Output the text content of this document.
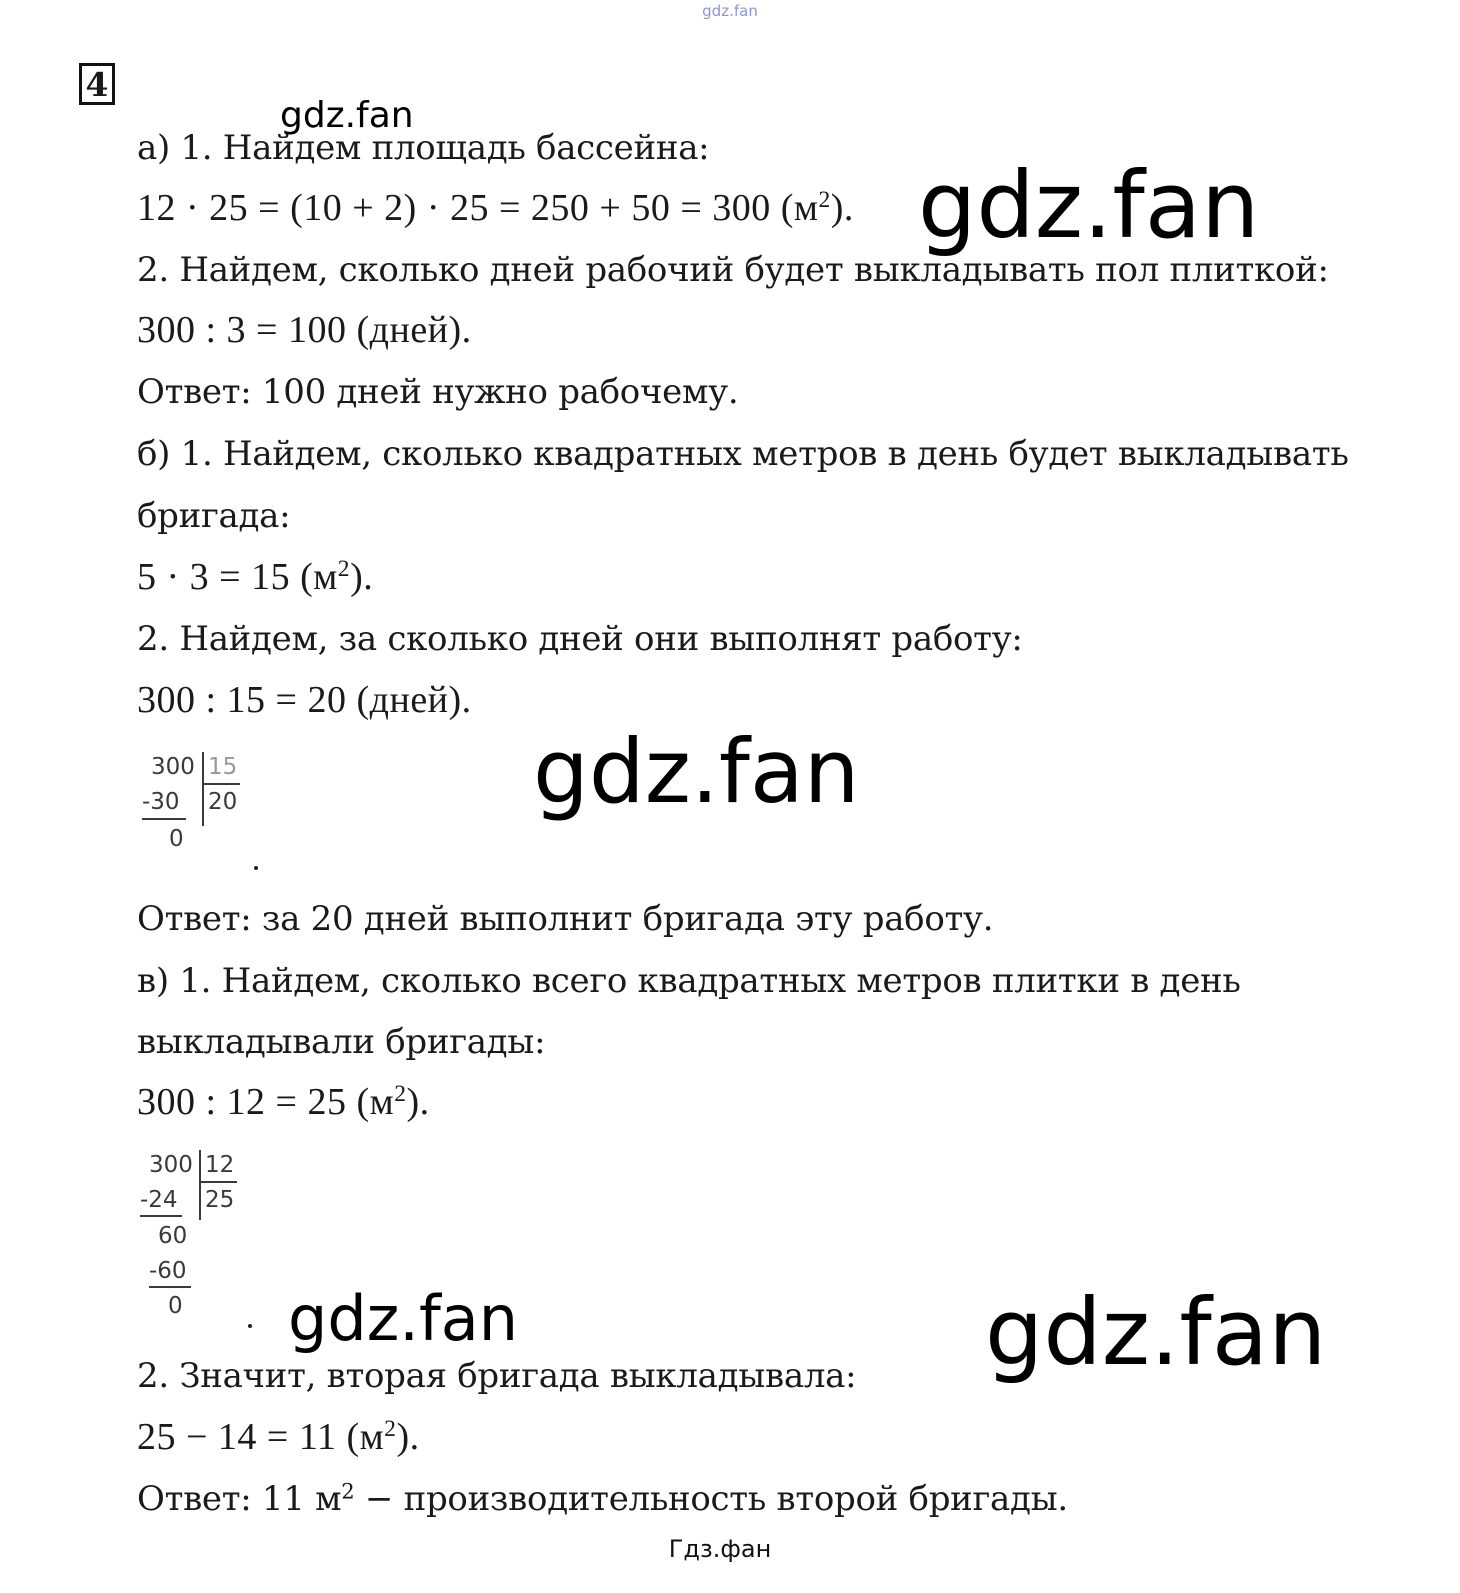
gdz.fan
4
gdz.fan
gdz.fan
gdz.fan
gdz.fan	gdz.fan
а) 1. Найдем площадь бассейна:
12 · 25 = (10 + 2) · 25 = 250 + 50 = 300 $(м^2)$.
2. Найдем, сколько дней рабочий будет выкладывать пол плиткой:
300 : 3 = 100 (дней).
Ответ: 100 дней нужно рабочему.
б) 1. Найдем, сколько квадратных метров в день будет выкладывать
бригада:
5 · 3 = 15 $(м^2)$.
2. Найдем, за сколько дней они выполнят работу:
300 : 15 = 20 (дней).
300 15
-30 20
0
Ответ: за 20 дней выполнит бригада эту работу.
в) 1. Найдем, сколько всего квадратных метров плитки в день
выкладывали бригады:
300 : 12 = 25 $(м^2)$.
300 12
-24 25
60
-60
0
2. Значит, вторая бригада выкладывала:
25 − 14 = 11 $(м^2)$.
Ответ: 11 $м^2$ − производительность второй бригады.
Гдз.фан
